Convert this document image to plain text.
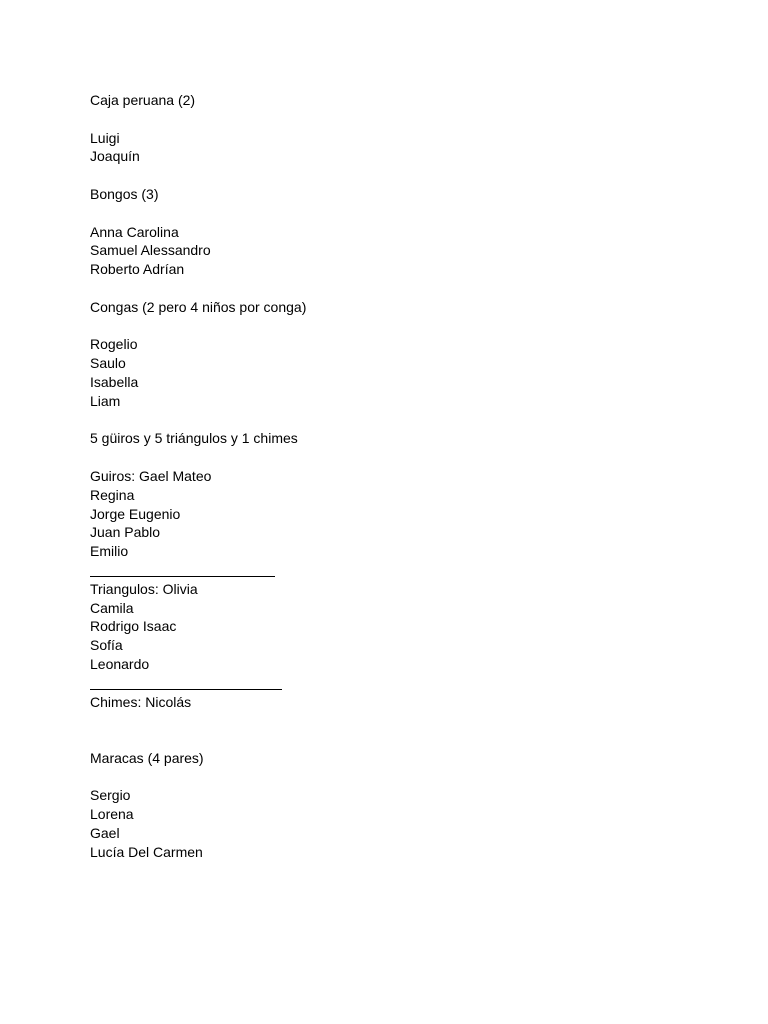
Caja peruana (2)
Luigi
Joaquín
Bongos (3)
Anna Carolina
Samuel Alessandro
Roberto Adrían
Congas (2 pero 4 niños por conga)
Rogelio
Saulo
Isabella
Liam
5 güiros y 5 triángulos y 1 chimes
Guiros: Gael Mateo
Regina
Jorge Eugenio
Juan Pablo
Emilio
Triangulos: Olivia
Camila
Rodrigo Isaac
Sofía
Leonardo
Chimes: Nicolás
Maracas (4 pares)
Sergio
Lorena
Gael
Lucía Del Carmen
